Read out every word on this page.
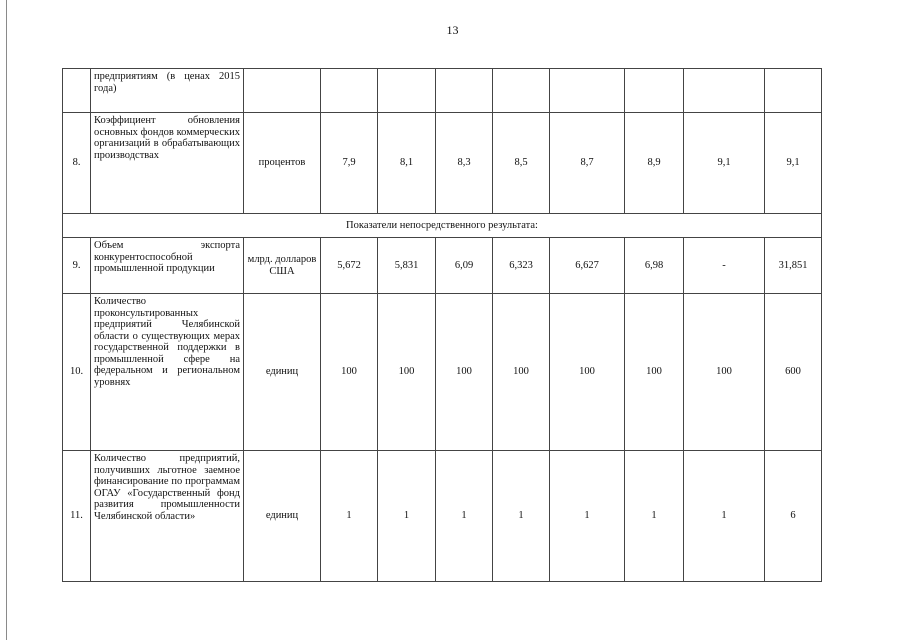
13
	предприятиям (в ценах 2015 года)									
8.	Коэффициент обновления основных фондов коммерческих организаций в обрабатывающих производствах	процентов	7,9	8,1	8,3	8,5	8,7	8,9	9,1	9,1
Показатели непосредственного результата:										
9.	Объем экспорта конкурентоспособной промышленной продукции	млрд. долларов США	5,672	5,831	6,09	6,323	6,627	6,98	-	31,851
10.	Количество проконсультированных предприятий Челябинской области о существующих мерах государственной поддержки в промышленной сфере на федеральном и региональном уровнях	единиц	100	100	100	100	100	100	100	600
11.	Количество предприятий, получивших льготное заемное финансирование по программам ОГАУ «Государственный фонд развития промышленности Челябинской области»	единиц	1	1	1	1	1	1	1	6
